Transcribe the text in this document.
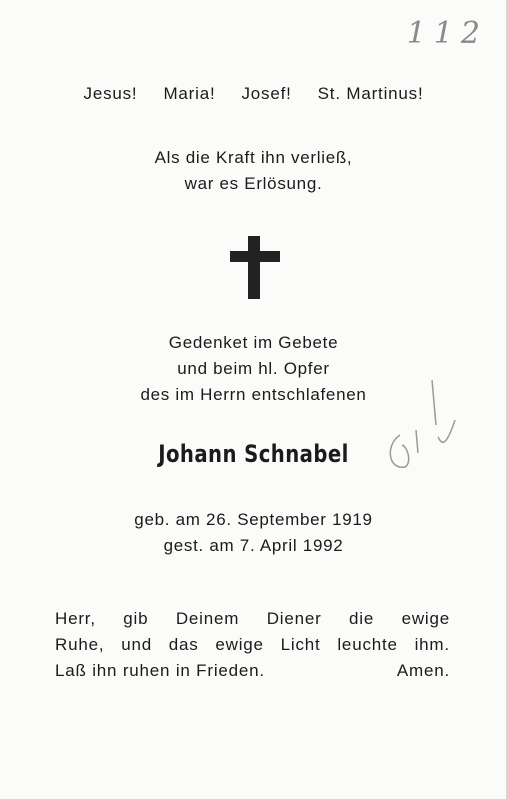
112
Jesus! Maria! Josef! St. Martinus!
Als die Kraft ihn verließ,
war es Erlösung.
Gedenket im Gebete
und beim hl. Opfer
des im Herrn entschlafenen
Johann Schnabel
geb. am 26. September 1919
gest. am 7. April 1992
Herr, gib Deinem Diener die ewige
Ruhe, und das ewige Licht leuchte ihm.
Laß ihn ruhen in Frieden.	Amen.
